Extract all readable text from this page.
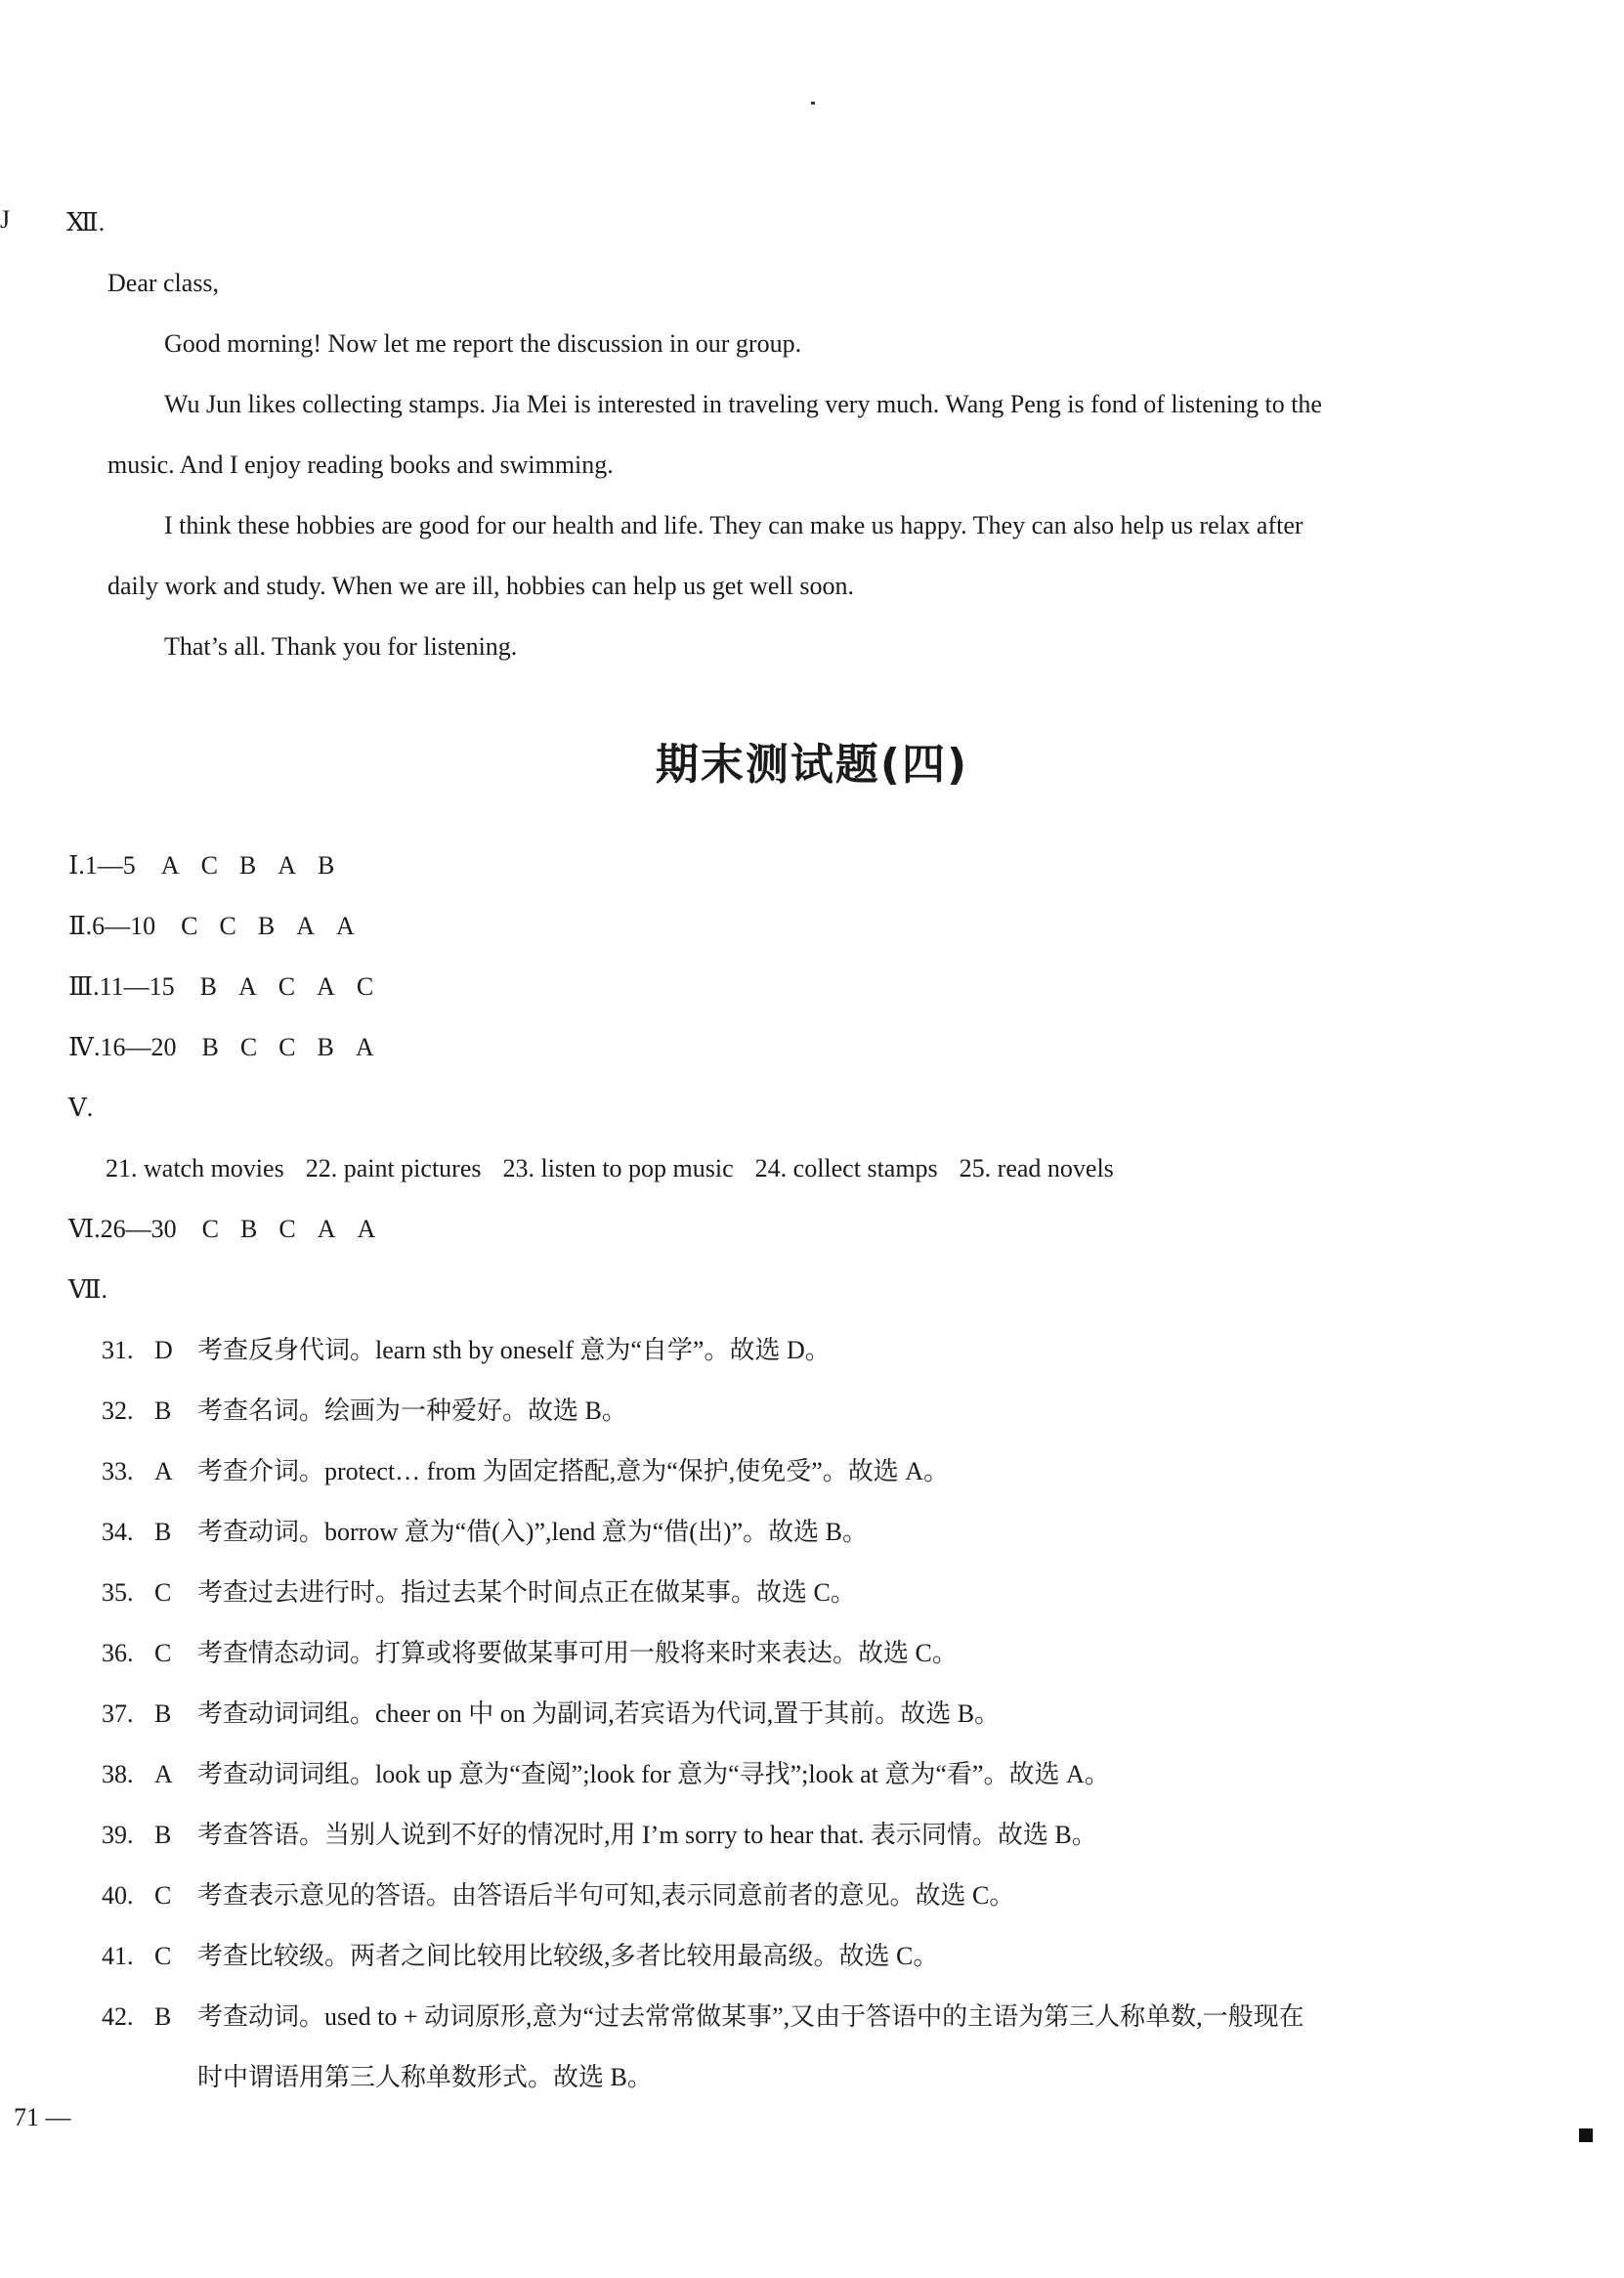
J Ⅻ.
Dear class,
Good morning! Now let me report the discussion in our group.
Wu Jun likes collecting stamps. Jia Mei is interested in traveling very much. Wang Peng is fond of listening to the
music. And I enjoy reading books and swimming.
I think these hobbies are good for our health and life. They can make us happy. They can also help us relax after
daily work and study. When we are ill, hobbies can help us get well soon.
That’s all. Thank you for listening.
期末测试题(四)
Ⅰ.1—5 A C B A B
Ⅱ.6—10 C C B A A
Ⅲ.11—15 B A C A C
Ⅳ.16—20 B C C B A
Ⅴ.
21. watch movies 22. paint pictures 23. listen to pop music 24. collect stamps 25. read novels
Ⅵ.26—30 C B C A A
Ⅶ.
31. D 考查反身代词。learn sth by oneself 意为“自学”。故选 D。
32. B	考查名词。绘画为一种爱好。故选 B。
33. A 考查介词。protect… from 为固定搭配,意为“保护,使免受”。故选 A。
34. B	考查动词。borrow 意为“借(入)”,lend 意为“借(出)”。故选 B。
35. C	考查过去进行时。指过去某个时间点正在做某事。故选 C。
36. C	考查情态动词。打算或将要做某事可用一般将来时来表达。故选 C。
37. B	考查动词词组。cheer on 中 on 为副词,若宾语为代词,置于其前。故选 B。
38. A 考查动词词组。look up 意为“查阅”;look for 意为“寻找”;look at 意为“看”。故选 A。
39. B	考查答语。当别人说到不好的情况时,用 I’m sorry to hear that. 表示同情。故选 B。
40. C	考查表示意见的答语。由答语后半句可知,表示同意前者的意见。故选 C。
41. C	考查比较级。两者之间比较用比较级,多者比较用最高级。故选 C。
42. B	考查动词。used to + 动词原形,意为“过去常常做某事”,又由于答语中的主语为第三人称单数,一般现在
时中谓语用第三人称单数形式。故选 B。
71 —
